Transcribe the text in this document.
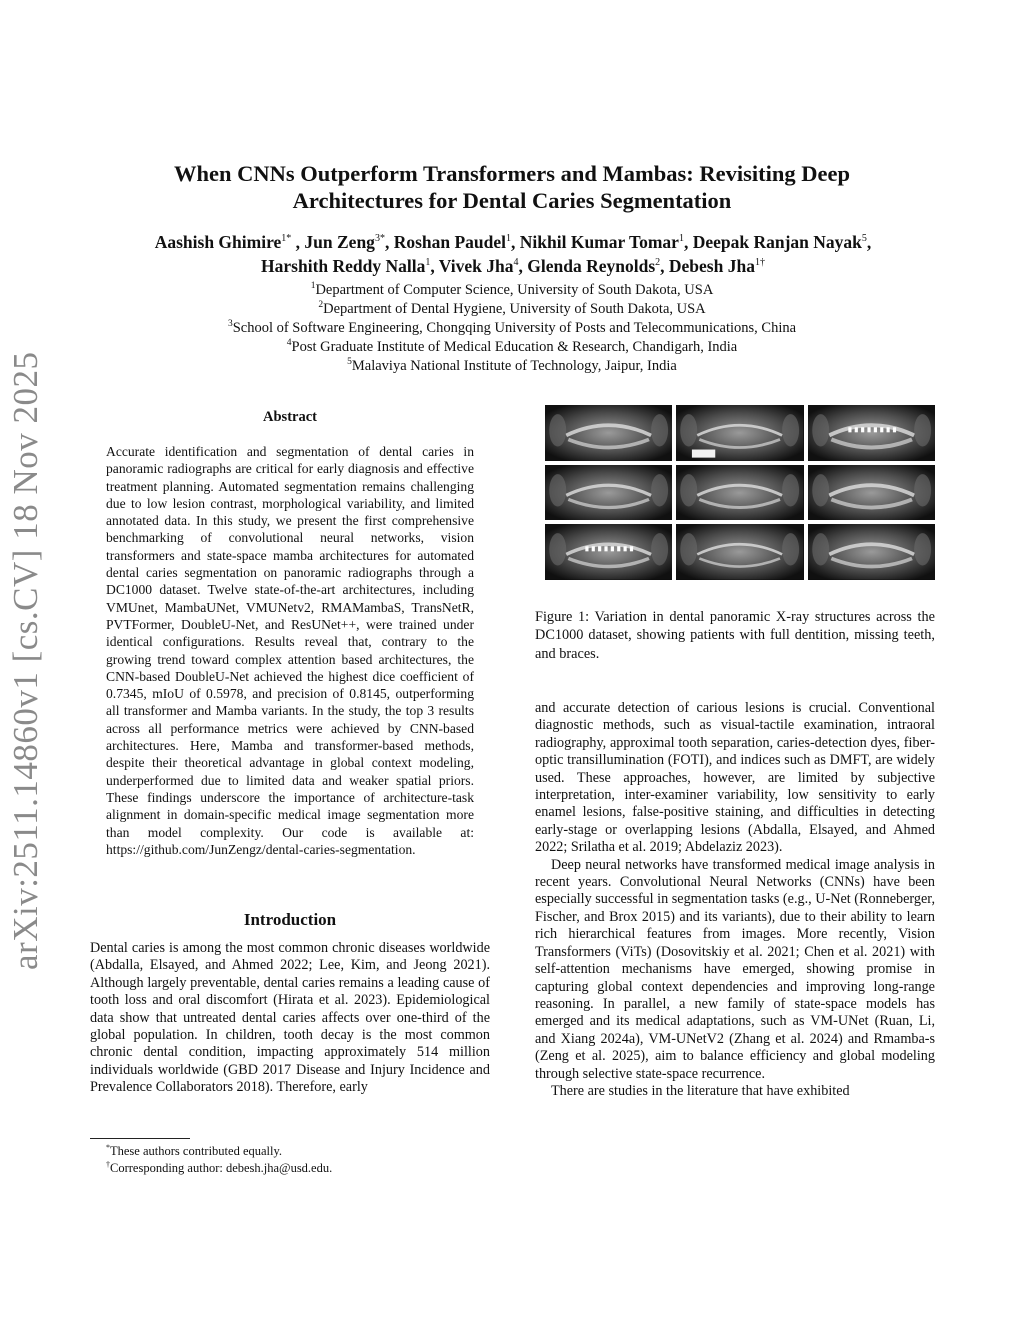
arXiv:2511.14860v1 [cs.CV] 18 Nov 2025
When CNNs Outperform Transformers and Mambas: Revisiting Deep
Architectures for Dental Caries Segmentation
Aashish Ghimire$^{1*}$ , Jun Zeng$^{3*}$, Roshan Paudel$^1$, Nikhil Kumar Tomar$^1$, Deepak Ranjan Nayak$^5$,
Harshith Reddy Nalla$^1$, Vivek Jha$^4$, Glenda Reynolds$^2$, Debesh Jha$^{1\dagger}$
$^1$Department of Computer Science, University of South Dakota, USA
$^2$Department of Dental Hygiene, University of South Dakota, USA
$^3$School of Software Engineering, Chongqing University of Posts and Telecommunications, China
$^4$Post Graduate Institute of Medical Education & Research, Chandigarh, India
$^5$Malaviya National Institute of Technology, Jaipur, India
Abstract
Accurate identification and segmentation of dental caries in panoramic radiographs are critical for early diagnosis and effective treatment planning. Automated segmentation remains challenging due to low lesion contrast, morphological variability, and limited annotated data. In this study, we present the first comprehensive benchmarking of convolutional neural networks, vision transformers and state-space mamba architectures for automated dental caries segmentation on panoramic radiographs through a DC1000 dataset. Twelve state-of-the-art architectures, including VMUnet, MambaUNet, VMUNetv2, RMAMambaS, TransNetR, PVTFormer, DoubleU-Net, and ResUNet++, were trained under identical configurations. Results reveal that, contrary to the growing trend toward complex attention based architectures, the CNN-based DoubleU-Net achieved the highest dice coefficient of 0.7345, mIoU of 0.5978, and precision of 0.8145, outperforming all transformer and Mamba variants. In the study, the top 3 results across all performance metrics were achieved by CNN-based architectures. Here, Mamba and transformer-based methods, despite their theoretical advantage in global context modeling, underperformed due to limited data and weaker spatial priors. These findings underscore the importance of architecture-task alignment in domain-specific medical image segmentation more than model complexity. Our code is available at: https://github.com/JunZengz/dental-caries-segmentation.
Introduction
Dental caries is among the most common chronic diseases worldwide (Abdalla, Elsayed, and Ahmed 2022; Lee, Kim, and Jeong 2021). Although largely preventable, dental caries remains a leading cause of tooth loss and oral discomfort (Hirata et al. 2023). Epidemiological data show that untreated dental caries affects over one-third of the global population. In children, tooth decay is the most common chronic dental condition, impacting approximately 514 million individuals worldwide (GBD 2017 Disease and Injury Incidence and Prevalence Collaborators 2018). Therefore, early
*These authors contributed equally.
†Corresponding author: debesh.jha@usd.edu.
Figure 1: Variation in dental panoramic X-ray structures across the DC1000 dataset, showing patients with full dentition, missing teeth, and braces.

and accurate detection of carious lesions is crucial. Conventional diagnostic methods, such as visual-tactile examination, intraoral radiography, approximal tooth separation, caries-detection dyes, fiber-optic transillumination (FOTI), and indices such as DMFT, are widely used. These approaches, however, are limited by subjective interpretation, inter-examiner variability, low sensitivity to early enamel lesions, false-positive staining, and difficulties in detecting early-stage or overlapping lesions (Abdalla, Elsayed, and Ahmed 2022; Srilatha et al. 2019; Abdelaziz 2023).

Deep neural networks have transformed medical image analysis in recent years. Convolutional Neural Networks (CNNs) have been especially successful in segmentation tasks (e.g., U-Net (Ronneberger, Fischer, and Brox 2015) and its variants), due to their ability to learn rich hierarchical features from images. More recently, Vision Transformers (ViTs) (Dosovitskiy et al. 2021; Chen et al. 2021) with self-attention mechanisms have emerged, showing promise in capturing global context dependencies and improving long-range reasoning. In parallel, a new family of state-space models has emerged and its medical adaptations, such as VM-UNet (Ruan, Li, and Xiang 2024a), VM-UNetV2 (Zhang et al. 2024) and Rmamba-s (Zeng et al. 2025), aim to balance efficiency and global modeling through selective state-space recurrence.

There are studies in the literature that have exhibited
